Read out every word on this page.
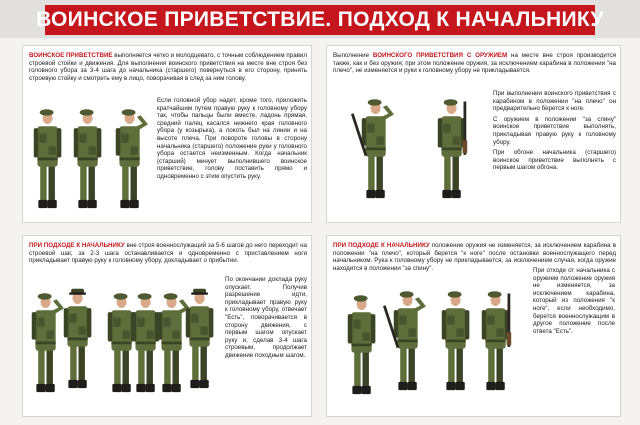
ВОИНСКОЕ ПРИВЕТСТВИЕ. ПОДХОД К НАЧАЛЬНИКУ
ВОИНСКОЕ ПРИВЕТСТВИЕ выполняется четко и молодцевато, с точным соблюдением правил строевой стойки и движения. Для выполнения воинского приветствия на месте вне строя без головного убора за 3-4 шага до начальника (старшего) повернуться в его сторону, принять строевую стойку и смотреть ему в лицо, поворачивая в след за ним голову.
Если головной убор надет, кроме того, приложить кратчайшим путем правую руку к головному убору так, чтобы пальцы были вместе, ладонь прямая, средний палец касался нижнего края головного убора (у козырька), а локоть был на линии и на высоте плеча. При повороте головы в сторону начальника (старшего) положение руки у головного убора остается неизменным. Когда начальник (старший) минует выполнившего воинское приветствие, голову поставить прямо и одновременно с этим опустить руку.
Выполнение ВОИНСКОГО ПРИВЕТСТВИЯ С ОРУЖИЕМ на месте вне строя производится также, как и без оружия; при этом положение оружия, за исключением карабина в положении "на плечо", не изменяется и руки к головному убору не прикладывается.
При выполнении воинского приветствия с карабином в положении "на плечо" он предварительно берется к ноге.
С оружием в положении "за спину" воинское приветствие выполнять, прикладывая правую руку к головному убору.
При обгоне начальника (старшего) воинское приветствие выполнять с первым шагом обгона.
ПРИ ПОДХОДЕ К НАЧАЛЬНИКУ вне строя военнослужащий за 5-6 шагов до него переходит на строевой шаг, за 2-3 шага останавливается и одновременно с приставлением ноги прикладывает правую руку к головному убору, докладывает о прибытии.
По окончании доклада руку опускает. Получив разрешение идти, прикладывает правую руку к головному убору, отвечает "Есть", поворачивается в сторону движения, с первым шагом опускает руку и, сделав 3-4 шага строевым, продолжает движение походным шагом.
ПРИ ПОДХОДЕ К НАЧАЛЬНИКУ положение оружия не изменяется, за исключением карабина в положении "на плечо", который берется "к ноге" после остановки военнослужащего перед начальником. Рука к головному убору не прикладывается, за исключением случая, когда оружие находится в положении "за спину".	При отходе от начальника с оружием положение оружия не изменяется, за исключением карабина, который из положения "к ноге", если необходимо, берется военнослужащим в другое положение после ответа "Есть".
